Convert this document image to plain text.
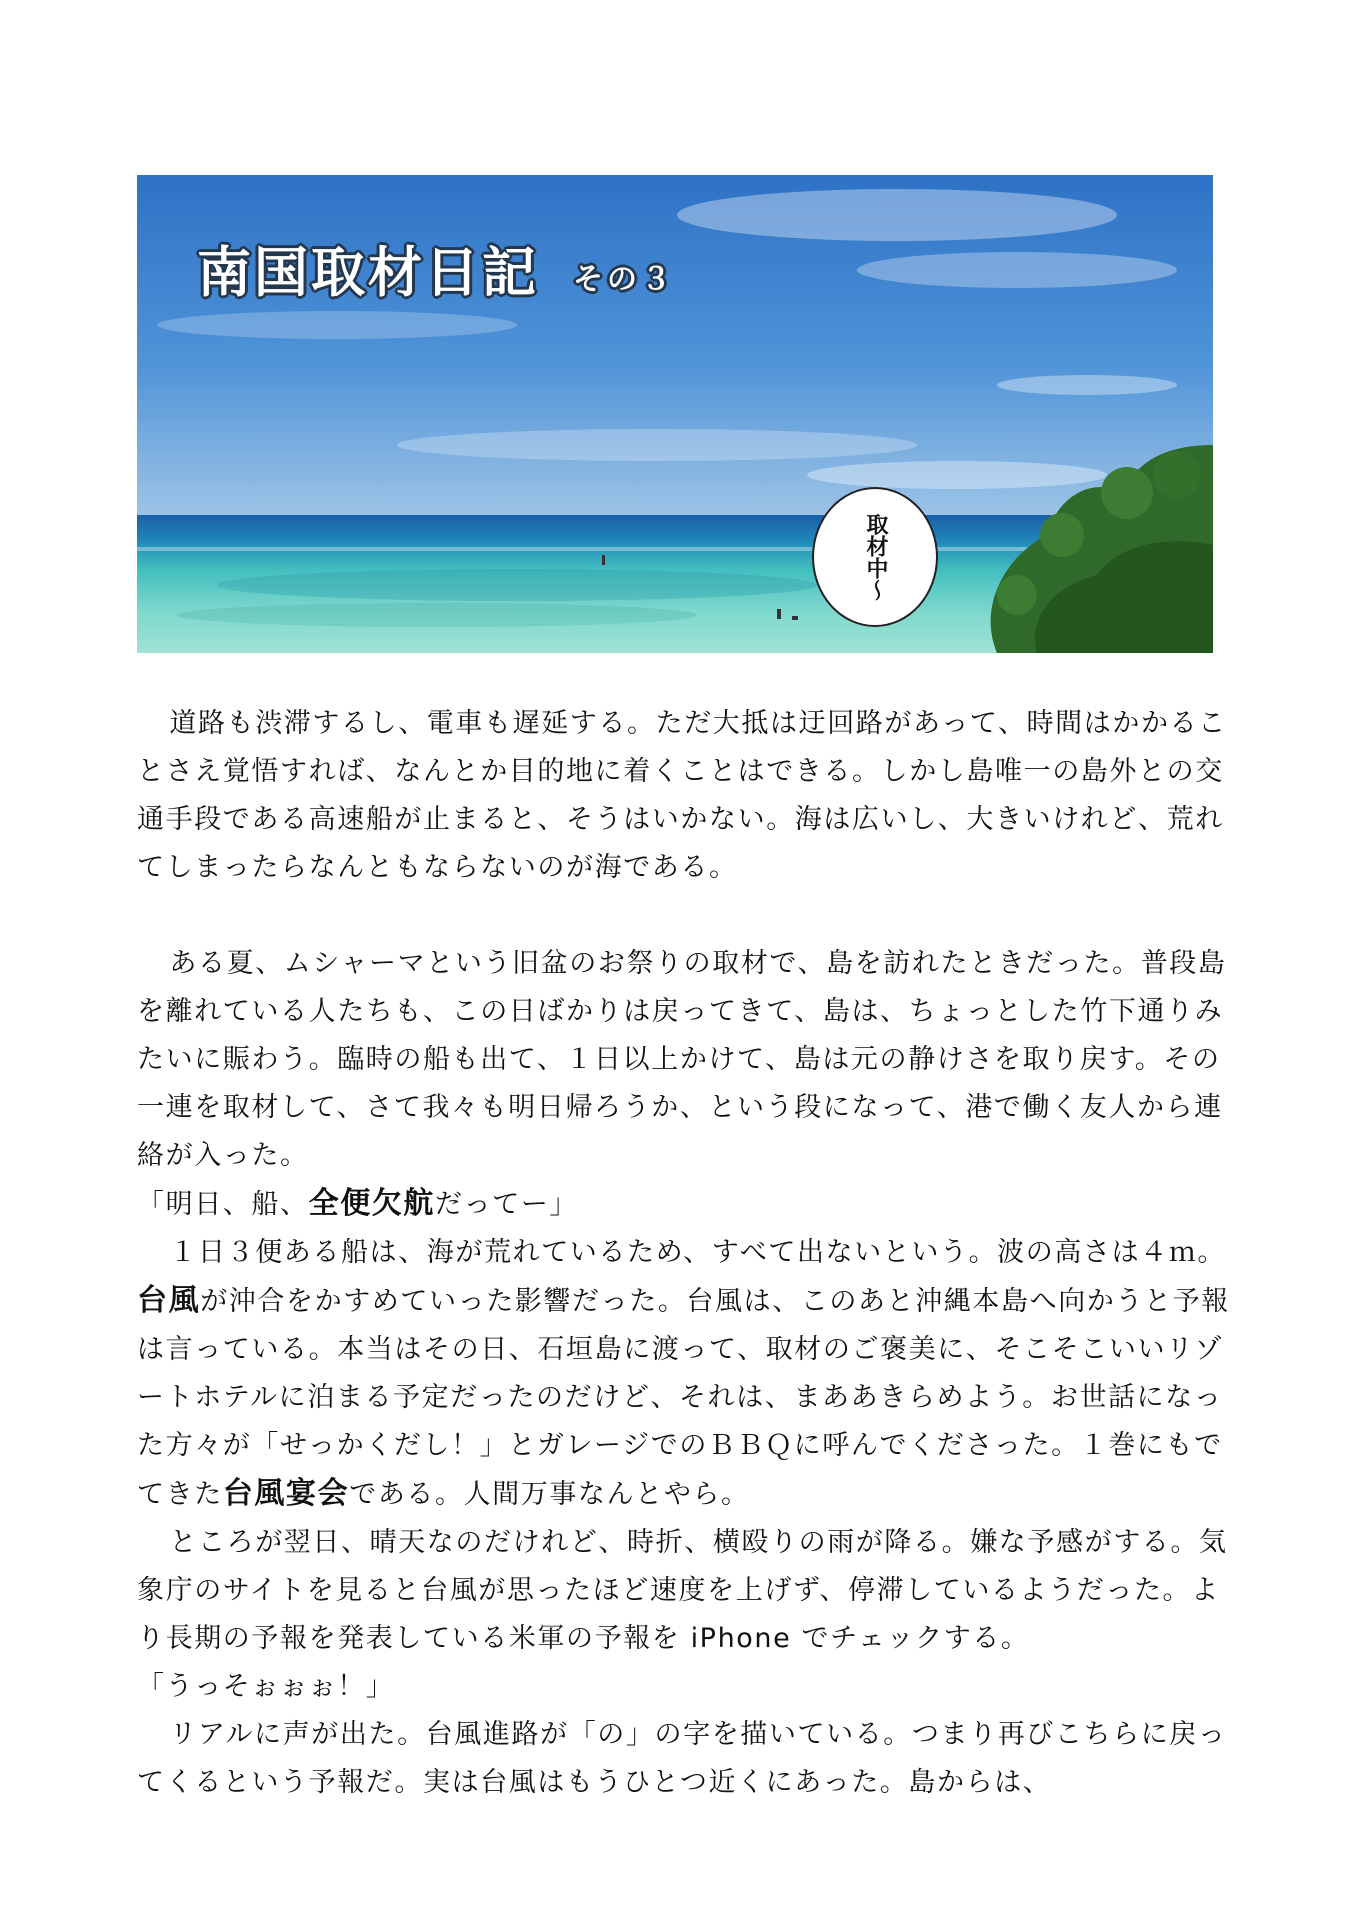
南国取材日記 その３
取材中〜

道路も渋滞するし、電車も遅延する。ただ大抵は迂回路があって、時間はかかることさえ覚悟すれば、なんとか目的地に着くことはできる。しかし島唯一の島外との交通手段である高速船が止まると、そうはいかない。海は広いし、大きいけれど、荒れてしまったらなんともならないのが海である。

ある夏、ムシャーマという旧盆のお祭りの取材で、島を訪れたときだった。普段島を離れている人たちも、この日ばかりは戻ってきて、島は、ちょっとした竹下通りみたいに賑わう。臨時の船も出て、１日以上かけて、島は元の静けさを取り戻す。その一連を取材して、さて我々も明日帰ろうか、という段になって、港で働く友人から連絡が入った。

「明日、船、全便欠航だってー」

１日３便ある船は、海が荒れているため、すべて出ないという。波の高さは４ｍ。台風が沖合をかすめていった影響だった。台風は、このあと沖縄本島へ向かうと予報は言っている。本当はその日、石垣島に渡って、取材のご褒美に、そこそこいいリゾートホテルに泊まる予定だったのだけど、それは、まああきらめよう。お世話になった方々が「せっかくだし！」とガレージでのＢＢＱに呼んでくださった。１巻にもでてきた台風宴会である。人間万事なんとやら。

ところが翌日、晴天なのだけれど、時折、横殴りの雨が降る。嫌な予感がする。気象庁のサイトを見ると台風が思ったほど速度を上げず、停滞しているようだった。より長期の予報を発表している米軍の予報を iPhone でチェックする。

「うっそぉぉぉ！」

リアルに声が出た。台風進路が「の」の字を描いている。つまり再びこちらに戻ってくるという予報だ。実は台風はもうひとつ近くにあった。島からは、
